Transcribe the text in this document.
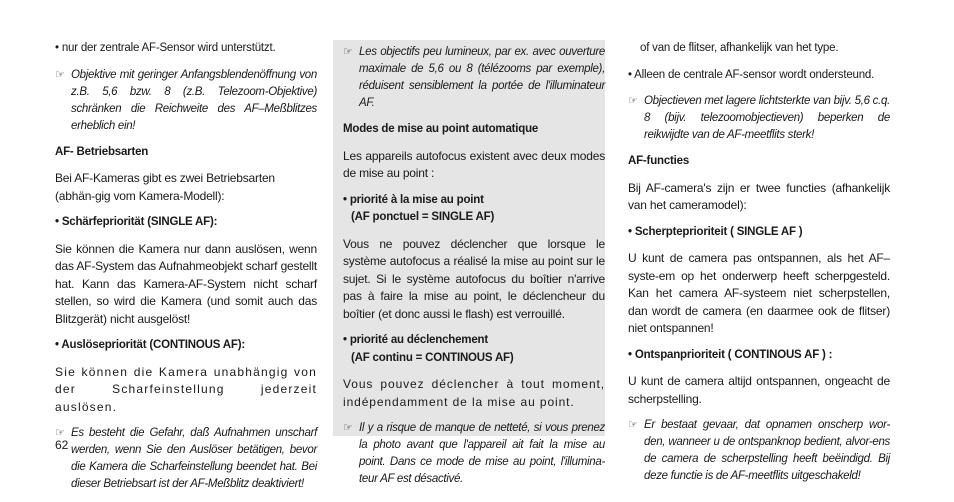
• nur der zentrale AF-Sensor wird unterstützt.

☞ Objektive mit geringer Anfangsblendenöffnung von z.B. 5,6 bzw. 8 (z.B. Telezoom-Objektive) schränken die Reichweite des AF–Meßblitzes erheblich ein!

AF- Betriebsarten

Bei AF-Kameras gibt es zwei Betriebsarten (abhän-gig vom Kamera-Modell):

• Schärfepriorität (SINGLE AF):

Sie können die Kamera nur dann auslösen, wenn das AF-System das Aufnahmeobjekt scharf gestellt hat. Kann das Kamera-AF-System nicht scharf stellen, so wird die Kamera (und somit auch das Blitzgerät) nicht ausgelöst!

• Auslösepriorität (CONTINOUS AF):

Sie können die Kamera unabhängig von der Scharfeinstellung jederzeit auslösen.

☞ Es besteht die Gefahr, daß Aufnahmen unscharf werden, wenn Sie den Auslöser betätigen, bevor die Kamera die Scharfeinstellung beendet hat. Bei dieser Betriebsart ist der AF-Meßblitz deaktiviert!
☞ Les objectifs peu lumineux, par ex. avec ouverture maximale de 5,6 ou 8 (télézooms par exemple), réduisent sensiblement la portée de l'illuminateur AF.

Modes de mise au point automatique

Les appareils autofocus existent avec deux modes de mise au point :

• priorité à la mise au point

(AF ponctuel = SINGLE AF)

Vous ne pouvez déclencher que lorsque le système autofocus a réalisé la mise au point sur le sujet. Si le système autofocus du boîtier n'arrive pas à faire la mise au point, le déclencheur du boîtier (et donc aussi le flash) est verrouillé.

• priorité au déclenchement

(AF continu = CONTINOUS AF)

Vous pouvez déclencher à tout moment, indépendamment de la mise au point.

☞ Il y a risque de manque de netteté, si vous prenez la photo avant que l'appareil ait fait la mise au point. Dans ce mode de mise au point, l'illumina-teur AF est désactivé.

of van de flitser, afhankelijk van het type.

• Alleen de centrale AF-sensor wordt ondersteund.

☞ Objectieven met lagere lichtsterkte van bijv. 5,6 c.q. 8 (bijv. telezoomobjectieven) beperken de reikwijdte van de AF-meetflits sterk!

AF-functies

Bij AF-camera's zijn er twee functies (afhankelijk van het cameramodel):

• Scherpteprioriteit ( SINGLE AF )

U kunt de camera pas ontspannen, als het AF–syste-em op het onderwerp heeft scherpgesteld. Kan het camera AF-systeem niet scherpstellen, dan wordt de camera (en daarmee ook de flitser) niet ontspannen!

• Ontspanprioriteit ( CONTINOUS AF ) :

U kunt de camera altijd ontspannen, ongeacht de scherpstelling.

☞ Er bestaat gevaar, dat opnamen onscherp wor-den, wanneer u de ontspanknop bedient, alvor-ens de camera de scherpstelling heeft beëindigd. Bij deze functie is de AF-meetflits uitgeschakeld!
62
